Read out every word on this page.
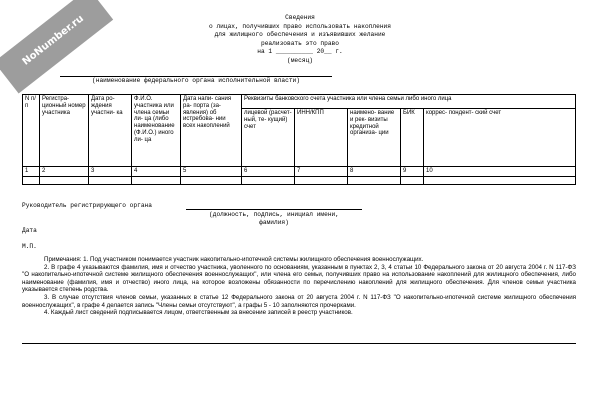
NoNumber.ru	Сведения
о лицах, получивших право использовать накопления
для жилищного обеспечения и изъявивших желание
реализовать это право
на 1 __________ 20__ г.
(месяц)
(наименование федерального органа исполнительной власти)
N п/п	Регистра- ционный номер участника	Дата ро- ждения участни- ка	Ф.И.О. участника или члена семьи ли- ца (либо наименование (Ф.И.О.) иного ли- ца	Дата напи- сания ра- порта (за- явления) об истребова- нии всех накоплений	Реквизиты банковского счета участника или члена семьи либо иного лица				
					лицевой (расчет- ный, те- кущий) счет	ИНН/КПП	наимено- вание и рек- визиты кредитной организа- ции	БИК	коррес- пондент- ский счет
1	2	3	4	5	6	7	8	9	10

Руководитель регистрирующего органа
(должность, подпись, инициал имени,
фамилия)
Дата
М.П.

Примечания: 1. Под участником понимается участник накопительно-ипотечной системы жилищного обеспечения военнослужащих.

2. В графе 4 указываются фамилия, имя и отчество участника, уволенного по основаниям, указанным в пунктах 2, 3, 4 статьи 10 Федерального закона от 20 августа 2004 г. N 117-ФЗ "О накопительно-ипотечной системе жилищного обеспечения военнослужащих", или члена его семьи, получивших право на использование накоплений для жилищного обеспечения, либо наименование (фамилия, имя и отчество) иного лица, на которое возложены обязанности по перечислению накоплений для жилищного обеспечения. Для членов семьи участника указывается степень родства.

3. В случае отсутствия членов семьи, указанных в статье 12 Федерального закона от 20 августа 2004 г. N 117-ФЗ "О накопительно-ипотечной системе жилищного обеспечения военнослужащих", в графе 4 делается запись "Члены семьи отсутствуют", а графы 5 - 10 заполняются прочерками.

4. Каждый лист сведений подписывается лицом, ответственным за внесение записей в реестр участников.
